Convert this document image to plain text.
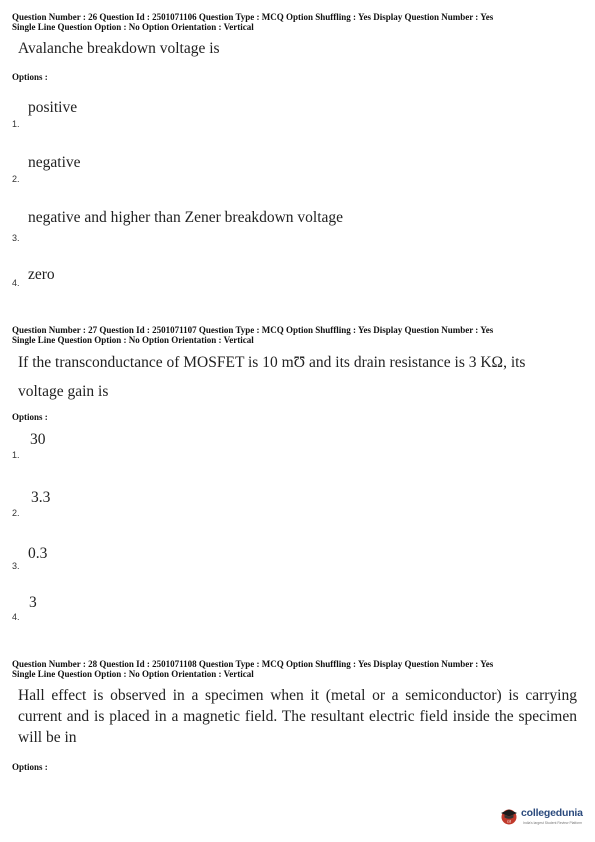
Question Number : 26 Question Id : 2501071106 Question Type : MCQ Option Shuffling : Yes Display Question Number : Yes
Single Line Question Option : No Option Orientation : Vertical
Avalanche breakdown voltage is
Options :
1.
positive
2.
negative
3.
negative and higher than Zener breakdown voltage
4. zero
Question Number : 27 Question Id : 2501071107 Question Type : MCQ Option Shuffling : Yes Display Question Number : Yes
Single Line Question Option : No Option Orientation : Vertical
If the transconductance of MOSFET is 10 mƱ and its drain resistance is 3 KΩ, its
voltage gain is
Options :
1.
30
2.
3.3
3.
0.3
4.
3
Question Number : 28 Question Id : 2501071108 Question Type : MCQ Option Shuffling : Yes Display Question Number : Yes
Single Line Question Option : No Option Orientation : Vertical
Hall effect is observed in a specimen when it (metal or a semiconductor) is carrying current and is placed in a magnetic field. The resultant electric field inside the specimen will be in
Options :
cd
collegedunia
India's largest Student Review Platform
